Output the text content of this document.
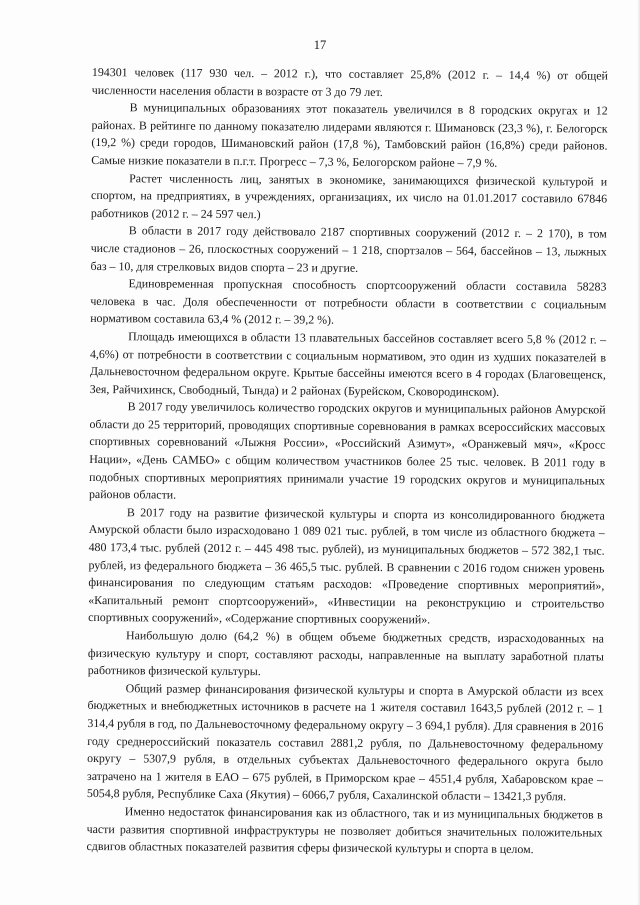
17

194301 человек (117 930 чел. – 2012 г.), что составляет 25,8% (2012 г. – 14,4 %) от общей численности населения области в возрасте от 3 до 79 лет.

В муниципальных образованиях этот показатель увеличился в 8 городских округах и 12 районах. В рейтинге по данному показателю лидерами являются г. Шимановск (23,3 %), г. Белогорск (19,2 %) среди городов, Шимановский район (17,8 %), Тамбовский район (16,8%) среди районов. Самые низкие показатели в п.г.т. Прогресс – 7,3 %, Белогорском районе – 7,9 %.

Растет численность лиц, занятых в экономике, занимающихся физической культурой и спортом, на предприятиях, в учреждениях, организациях, их число на 01.01.2017 составило 67846 работников (2012 г. – 24 597 чел.)

В области в 2017 году действовало 2187 спортивных сооружений (2012 г. – 2 170), в том числе стадионов – 26, плоскостных сооружений – 1 218, спортзалов – 564, бассейнов – 13, лыжных баз – 10, для стрелковых видов спорта – 23 и другие.

Единовременная пропускная способность спортсооружений области составила 58283 человека в час. Доля обеспеченности от потребности области в соответствии с социальным нормативом составила 63,4 % (2012 г. – 39,2 %).

Площадь имеющихся в области 13 плавательных бассейнов составляет всего 5,8 % (2012 г. – 4,6%) от потребности в соответствии с социальным нормативом, это один из худших показателей в Дальневосточном федеральном округе. Крытые бассейны имеются всего в 4 городах (Благовещенск, Зея, Райчихинск, Свободный, Тында) и 2 районах (Бурейском, Сковородинском).

В 2017 году увеличилось количество городских округов и муниципальных районов Амурской области до 25 территорий, проводящих спортивные соревнования в рамках всероссийских массовых спортивных соревнований «Лыжня России», «Российский Азимут», «Оранжевый мяч», «Кросс Нации», «День САМБО» с общим количеством участников более 25 тыс. человек. В 2011 году в подобных спортивных мероприятиях принимали участие 19 городских округов и муниципальных районов области.

В 2017 году на развитие физической культуры и спорта из консолидированного бюджета Амурской области было израсходовано 1 089 021 тыс. рублей, в том числе из областного бюджета – 480 173,4 тыс. рублей (2012 г. – 445 498 тыс. рублей), из муниципальных бюджетов – 572 382,1 тыс. рублей, из федерального бюджета – 36 465,5 тыс. рублей. В сравнении с 2016 годом снижен уровень финансирования по следующим статьям расходов: «Проведение спортивных мероприятий», «Капитальный ремонт спортсооружений», «Инвестиции на реконструкцию и строительство спортивных сооружений», «Содержание спортивных сооружений».

Наибольшую долю (64,2 %) в общем объеме бюджетных средств, израсходованных на физическую культуру и спорт, составляют расходы, направленные на выплату заработной платы работников физической культуры.

Общий размер финансирования физической культуры и спорта в Амурской области из всех бюджетных и внебюджетных источников в расчете на 1 жителя составил 1643,5 рублей (2012 г. – 1 314,4 рубля в год, по Дальневосточному федеральному округу – 3 694,1 рубля). Для сравнения в 2016 году среднероссийский показатель составил 2881,2 рубля, по Дальневосточному федеральному округу – 5307,9 рубля, в отдельных субъектах Дальневосточного федерального округа было затрачено на 1 жителя в ЕАО – 675 рублей, в Приморском крае – 4551,4 рубля, Хабаровском крае – 5054,8 рубля, Республике Саха (Якутия) – 6066,7 рубля, Сахалинской области – 13421,3 рубля.

Именно недостаток финансирования как из областного, так и из муниципальных бюджетов в части развития спортивной инфраструктуры не позволяет добиться значительных положительных сдвигов областных показателей развития сферы физической культуры и спорта в целом.
